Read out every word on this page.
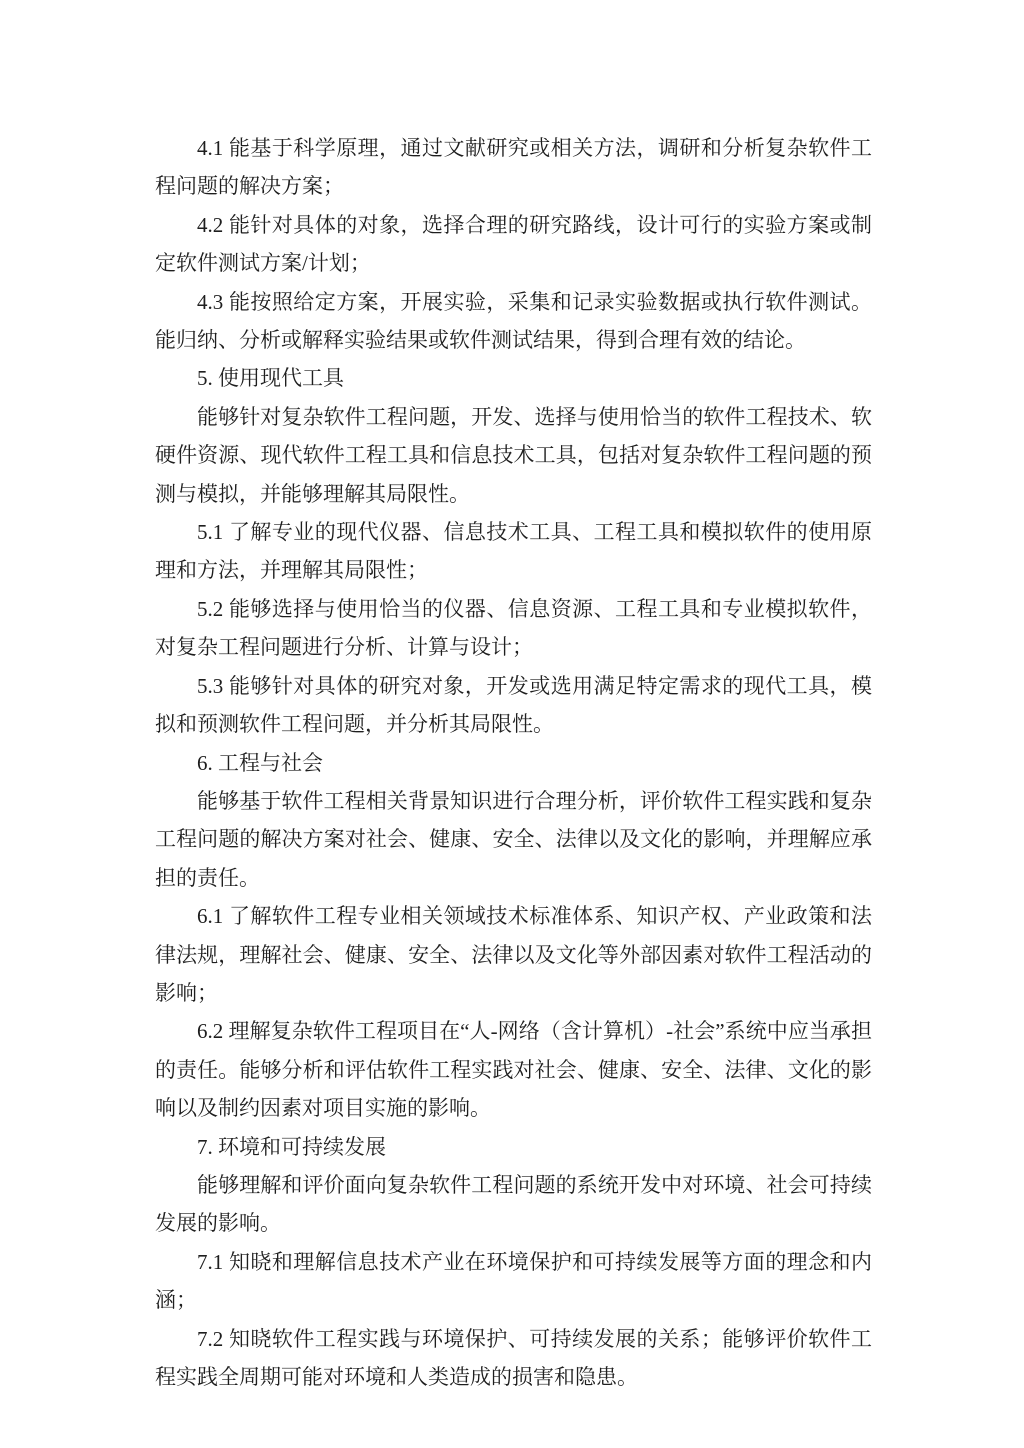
4.1 能基于科学原理，通过文献研究或相关方法，调研和分析复杂软件工程问题的解决方案；

4.2 能针对具体的对象，选择合理的研究路线，设计可行的实验方案或制定软件测试方案/计划；

4.3 能按照给定方案，开展实验，采集和记录实验数据或执行软件测试。能归纳、分析或解释实验结果或软件测试结果，得到合理有效的结论。

5. 使用现代工具

能够针对复杂软件工程问题，开发、选择与使用恰当的软件工程技术、软硬件资源、现代软件工程工具和信息技术工具，包括对复杂软件工程问题的预测与模拟，并能够理解其局限性。

5.1 了解专业的现代仪器、信息技术工具、工程工具和模拟软件的使用原理和方法，并理解其局限性；

5.2 能够选择与使用恰当的仪器、信息资源、工程工具和专业模拟软件，对复杂工程问题进行分析、计算与设计；

5.3 能够针对具体的研究对象，开发或选用满足特定需求的现代工具，模拟和预测软件工程问题，并分析其局限性。

6. 工程与社会

能够基于软件工程相关背景知识进行合理分析，评价软件工程实践和复杂工程问题的解决方案对社会、健康、安全、法律以及文化的影响，并理解应承担的责任。

6.1 了解软件工程专业相关领域技术标准体系、知识产权、产业政策和法律法规，理解社会、健康、安全、法律以及文化等外部因素对软件工程活动的影响；

6.2 理解复杂软件工程项目在“人-网络（含计算机）-社会”系统中应当承担的责任。能够分析和评估软件工程实践对社会、健康、安全、法律、文化的影响以及制约因素对项目实施的影响。

7. 环境和可持续发展

能够理解和评价面向复杂软件工程问题的系统开发中对环境、社会可持续发展的影响。

7.1 知晓和理解信息技术产业在环境保护和可持续发展等方面的理念和内涵；

7.2 知晓软件工程实践与环境保护、可持续发展的关系；能够评价软件工程实践全周期可能对环境和人类造成的损害和隐患。
